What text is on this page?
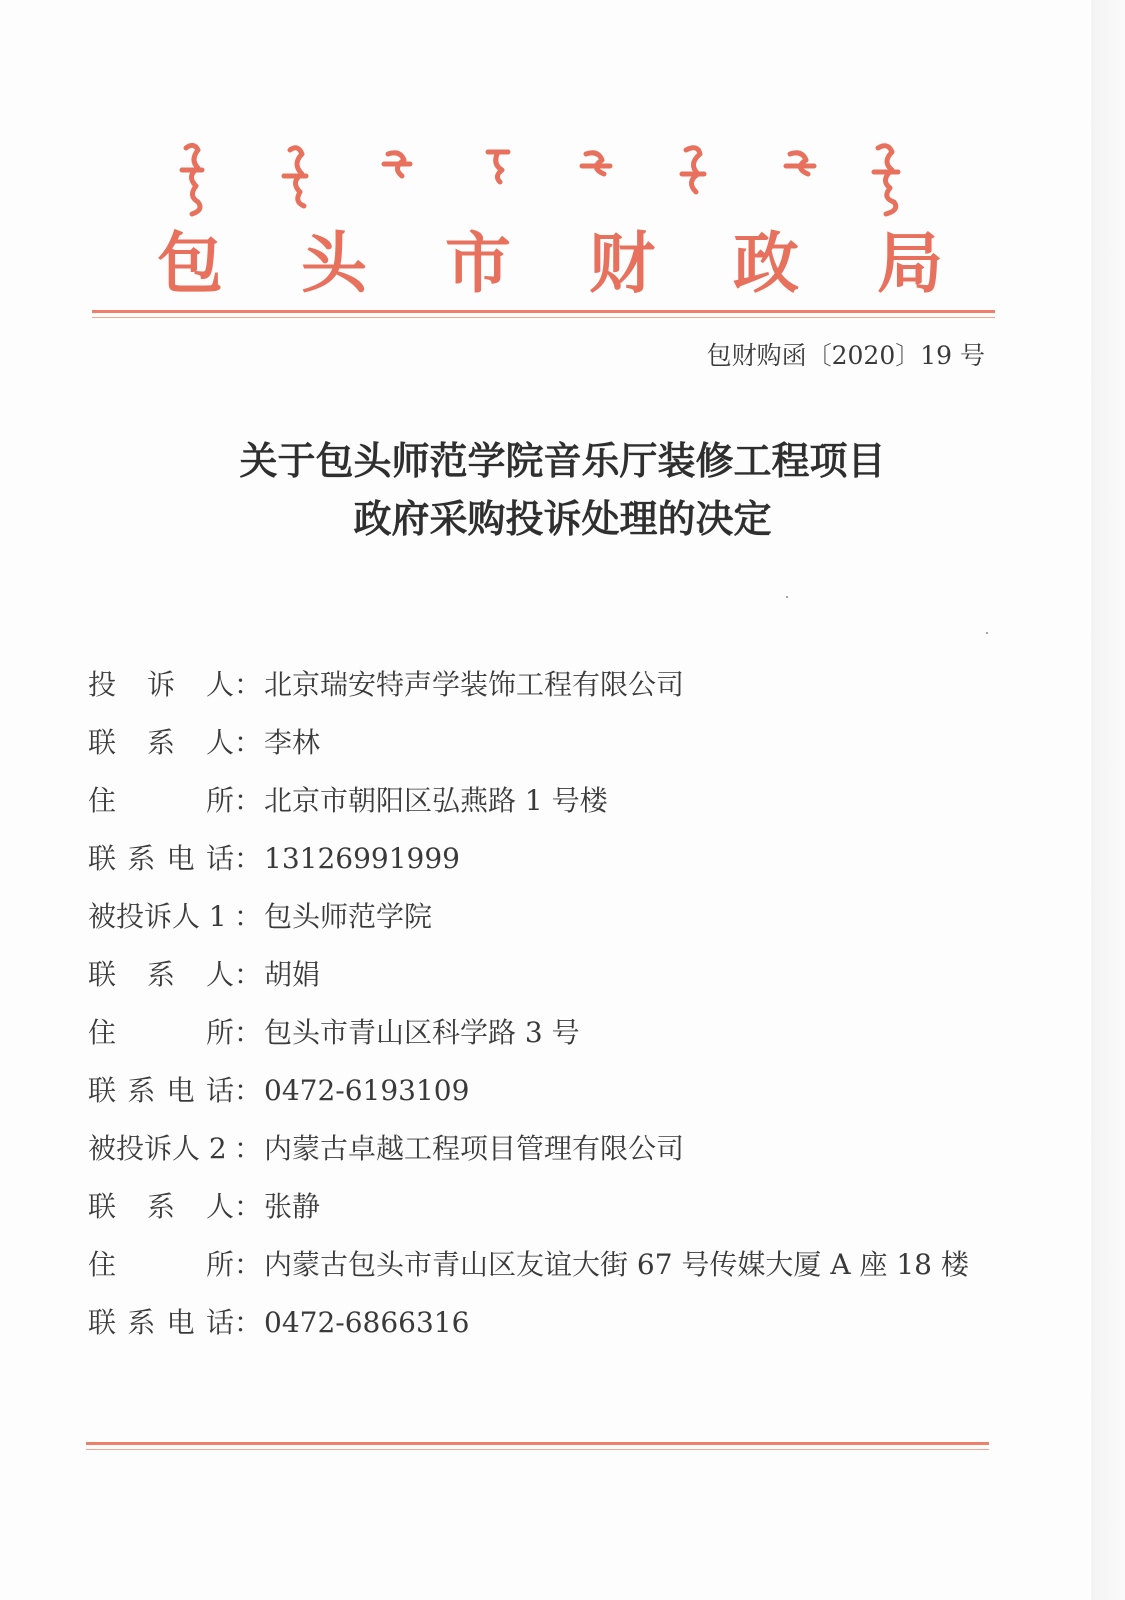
包 头 市 财 政 局
包财购函〔2020〕19 号
关于包头师范学院音乐厅装修工程项目
政府采购投诉处理的决定
投 诉 人 ： 北京瑞安特声学装饰工程有限公司
联 系 人 ： 李林
住	所 ： 北京市朝阳区弘燕路 1 号楼
联 系 电 话 ： 13126991999
被投诉人 1 ： 包头师范学院
联 系 人 ： 胡娟
住	所 ： 包头市青山区科学路 3 号
联 系 电 话 ： 0472-6193109
被投诉人 2 ： 内蒙古卓越工程项目管理有限公司
联 系 人 ： 张静
住	所 ： 内蒙古包头市青山区友谊大街 67 号传媒大厦 A 座 18 楼
联 系 电 话 ： 0472-6866316
